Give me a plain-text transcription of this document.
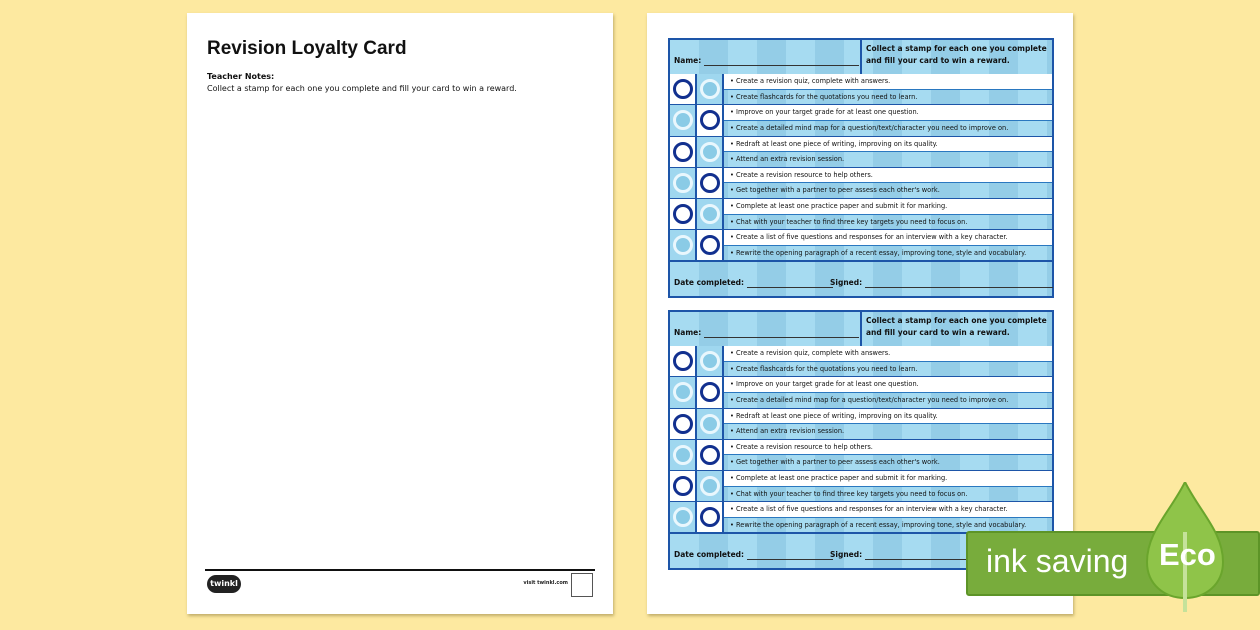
Revision Loyalty Card
Teacher Notes:
Collect a stamp for each one you complete and fill your card to win a reward.
twinkl	visit twinkl.com
Name:
Collect a stamp for each one you complete and fill your card to win a reward.
• Create a revision quiz, complete with answers.
• Create flashcards for the quotations you need to learn.
• Improve on your target grade for at least one question.
• Create a detailed mind map for a question/text/character you need to improve on.
• Redraft at least one piece of writing, improving on its quality.
• Attend an extra revision session.
• Create a revision resource to help others.
• Get together with a partner to peer assess each other's work.
• Complete at least one practice paper and submit it for marking.
• Chat with your teacher to find three key targets you need to focus on.
• Create a list of five questions and responses for an interview with a key character.
• Rewrite the opening paragraph of a recent essay, improving tone, style and vocabulary.
Date completed:	Signed:
Name:
Collect a stamp for each one you complete and fill your card to win a reward.
• Create a revision quiz, complete with answers.
• Create flashcards for the quotations you need to learn.
• Improve on your target grade for at least one question.
• Create a detailed mind map for a question/text/character you need to improve on.
• Redraft at least one piece of writing, improving on its quality.
• Attend an extra revision session.
• Create a revision resource to help others.
• Get together with a partner to peer assess each other's work.
• Complete at least one practice paper and submit it for marking.
• Chat with your teacher to find three key targets you need to focus on.
• Create a list of five questions and responses for an interview with a key character.
• Rewrite the opening paragraph of a recent essay, improving tone, style and vocabulary.
Date completed:	Signed:	ink saving Eco
